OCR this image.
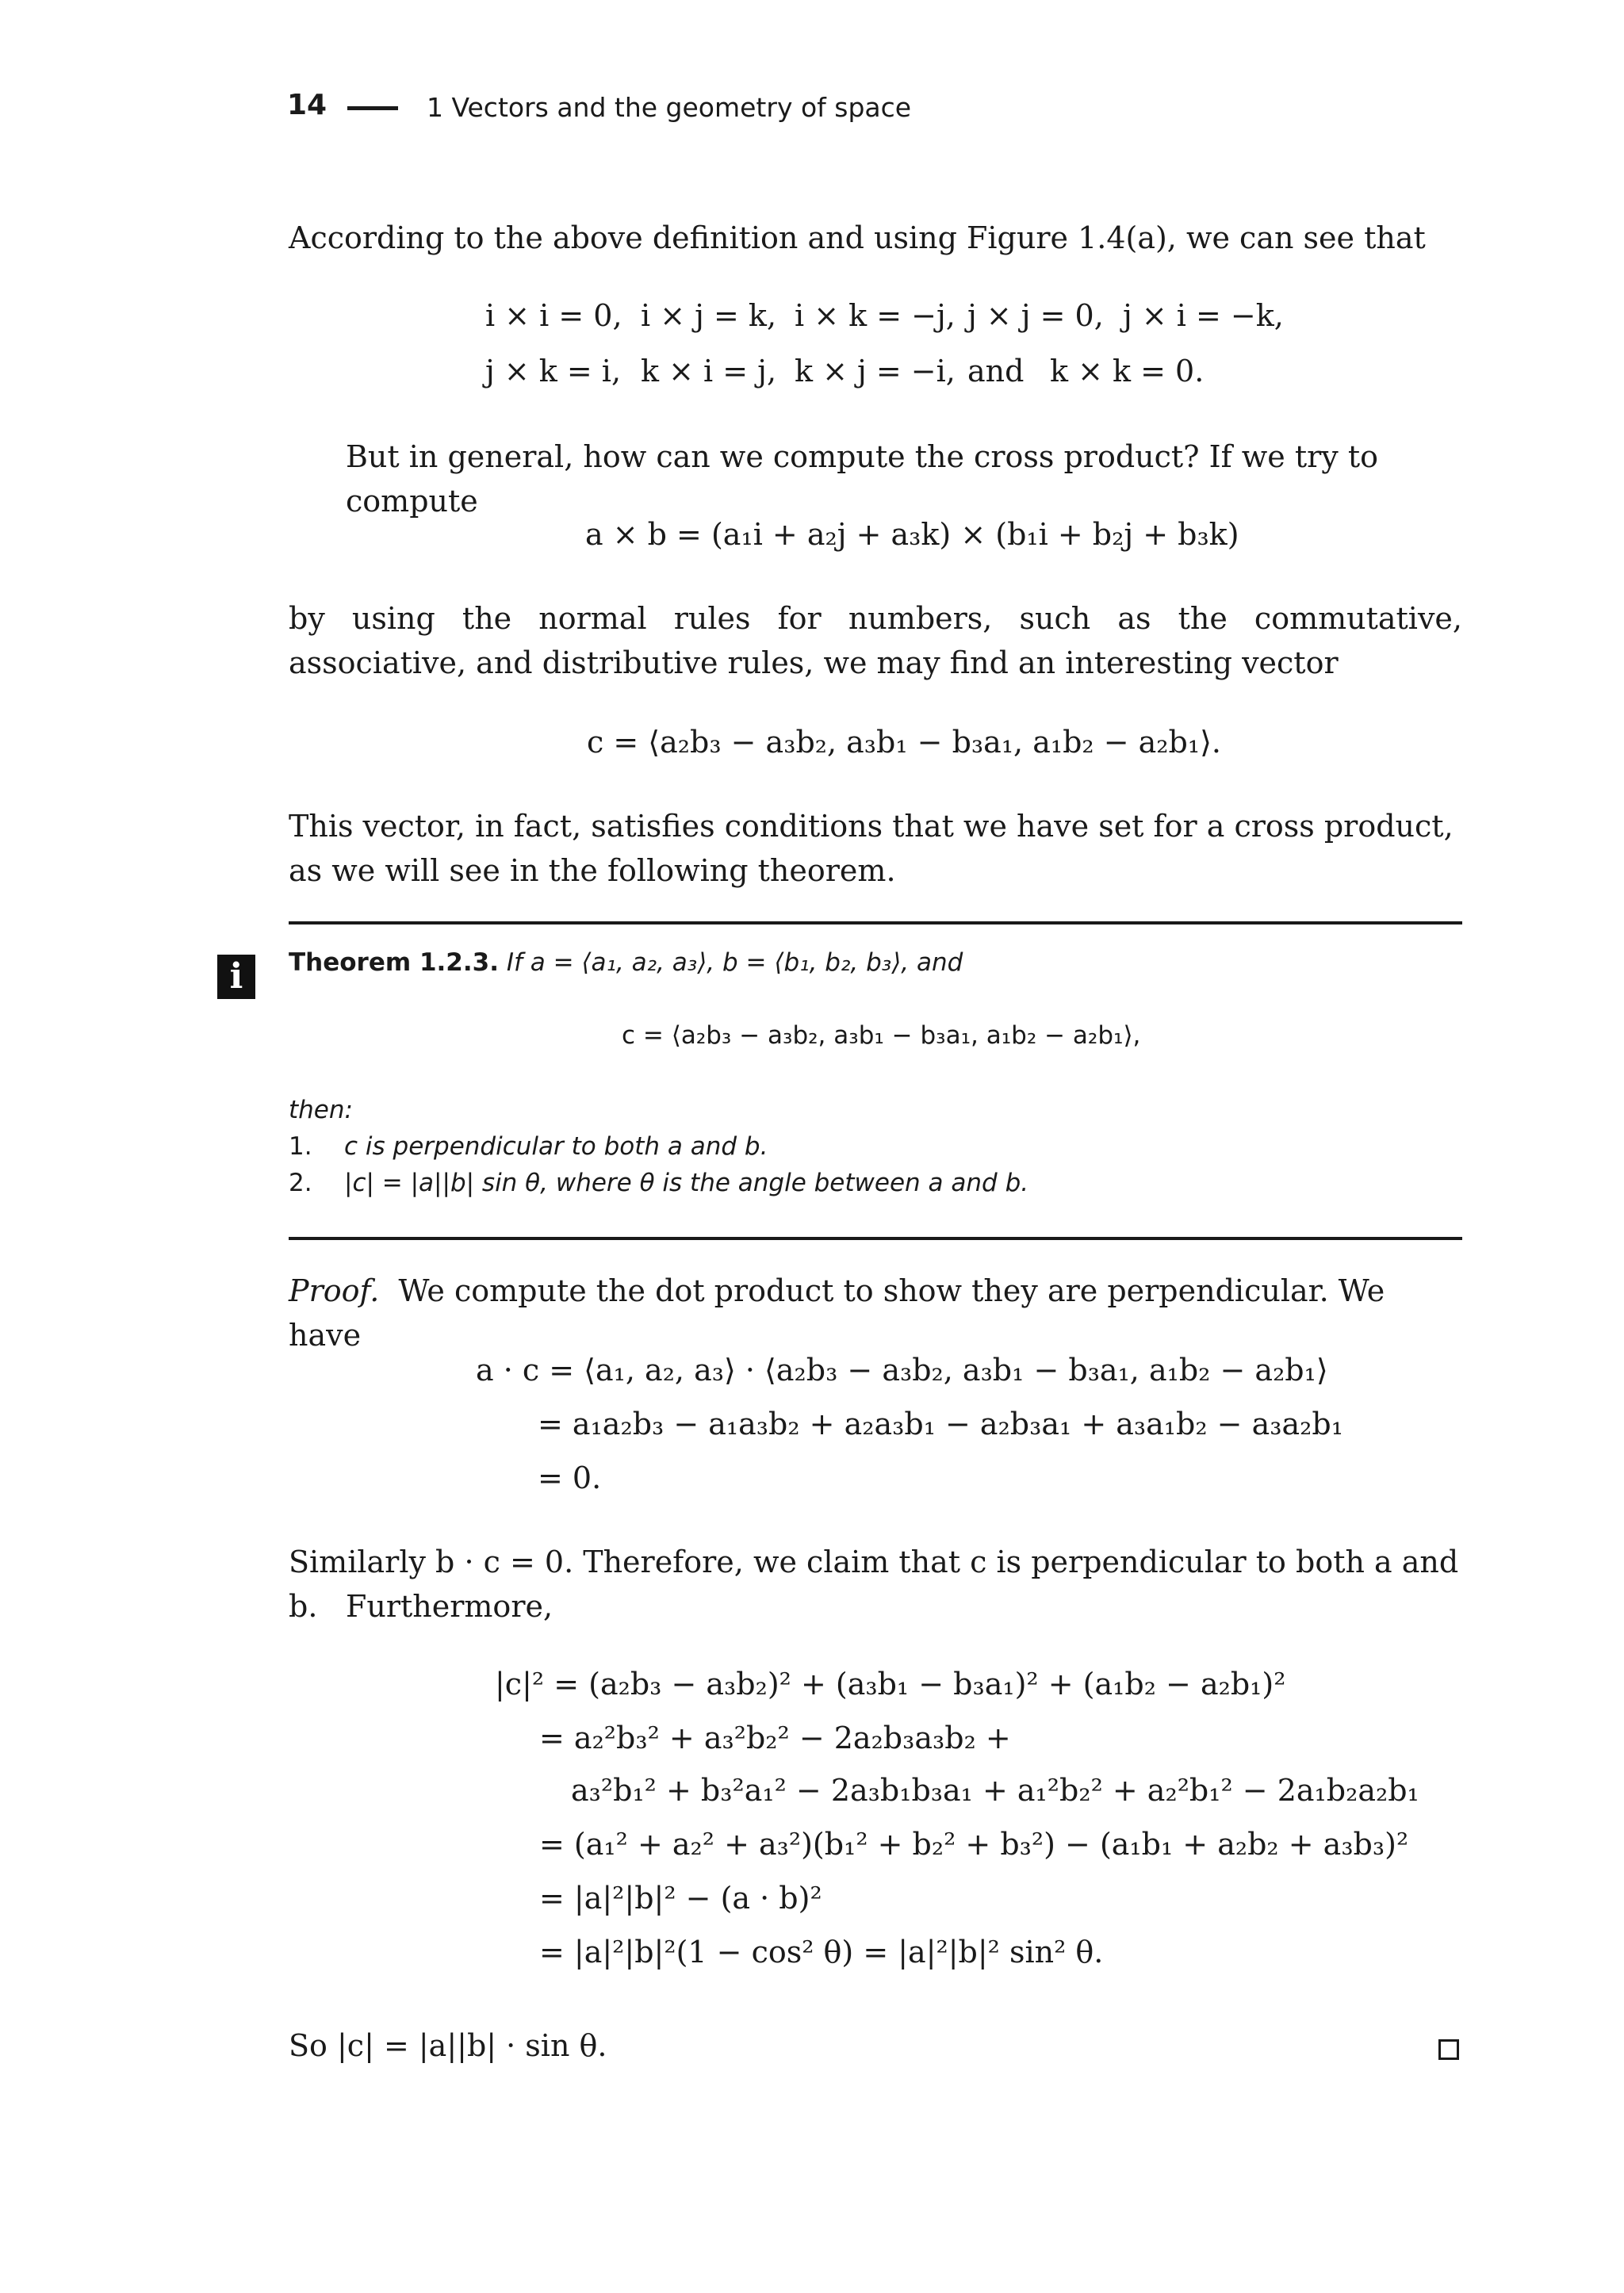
14	1 Vectors and the geometry of space
According to the above definition and using Figure 1.4(a), we can see that
i × i = 0, i × j = k, i × k = −j, j × j = 0, j × i = −k,
j × k = i, k × i = j, k × j = −i, and k × k = 0.
But in general, how can we compute the cross product? If we try to compute
a × b = (a₁i + a₂j + a₃k) × (b₁i + b₂j + b₃k)
by using the normal rules for numbers, such as the commutative, associative, and distributive rules, we may find an interesting vector
c = ⟨a₂b₃ − a₃b₂, a₃b₁ − b₃a₁, a₁b₂ − a₂b₁⟩.
This vector, in fact, satisfies conditions that we have set for a cross product, as we will see in the following theorem.
i	Theorem 1.2.3. If a = ⟨a₁, a₂, a₃⟩, b = ⟨b₁, b₂, b₃⟩, and
c = ⟨a₂b₃ − a₃b₂, a₃b₁ − b₃a₁, a₁b₂ − a₂b₁⟩,
then:
1. c is perpendicular to both a and b.
2. |c| = |a||b| sin θ, where θ is the angle between a and b.
Proof. We compute the dot product to show they are perpendicular. We have
a · c = ⟨a₁, a₂, a₃⟩ · ⟨a₂b₃ − a₃b₂, a₃b₁ − b₃a₁, a₁b₂ − a₂b₁⟩
= a₁a₂b₃ − a₁a₃b₂ + a₂a₃b₁ − a₂b₃a₁ + a₃a₁b₂ − a₃a₂b₁
= 0.
Similarly b · c = 0. Therefore, we claim that c is perpendicular to both a and b. Furthermore,
|c|² = (a₂b₃ − a₃b₂)² + (a₃b₁ − b₃a₁)² + (a₁b₂ − a₂b₁)²
= a₂²b₃² + a₃²b₂² − 2a₂b₃a₃b₂ +
a₃²b₁² + b₃²a₁² − 2a₃b₁b₃a₁ + a₁²b₂² + a₂²b₁² − 2a₁b₂a₂b₁
= (a₁² + a₂² + a₃²)(b₁² + b₂² + b₃²) − (a₁b₁ + a₂b₂ + a₃b₃)²
= |a|²|b|² − (a · b)²
= |a|²|b|²(1 − cos² θ) = |a|²|b|² sin² θ.
So |c| = |a||b| · sin θ.
